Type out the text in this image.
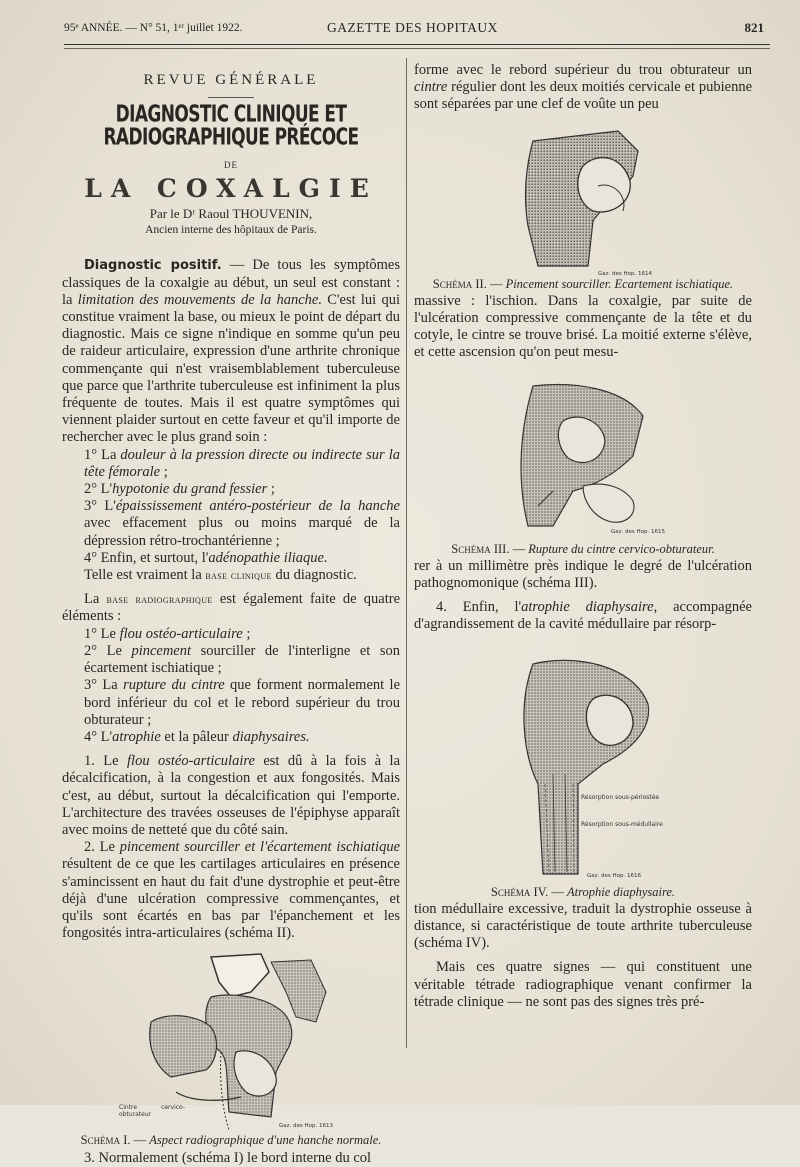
95ᵉ ANNÉE. — N° 51, 1ᵉʳ juillet 1922.	GAZETTE DES HOPITAUX	821
REVUE GÉNÉRALE
DIAGNOSTIC CLINIQUE ET RADIOGRAPHIQUE PRÉCOCE
DE
LA COXALGIE
Par le Dʳ Raoul THOUVENIN,
Ancien interne des hôpitaux de Paris.

Diagnostic positif. — De tous les symptômes classiques de la coxalgie au début, un seul est constant : la limitation des mouvements de la hanche. C'est lui qui constitue vraiment la base, ou mieux le point de départ du diagnostic. Mais ce signe n'indique en somme qu'un peu de raideur articulaire, expression d'une arthrite chronique commençante qui n'est vraisemblablement tuberculeuse que parce que l'arthrite tuberculeuse est infiniment la plus fréquente de toutes. Mais il est quatre symptômes qui viennent plaider surtout en cette faveur et qu'il importe de rechercher avec le plus grand soin :

1° La douleur à la pression directe ou indirecte sur la tête fémorale ;

2° L'hypotonie du grand fessier ;

3° L'épaississement antéro-postérieur de la hanche avec effacement plus ou moins marqué de la dépression rétro-trochantérienne ;

4° Enfin, et surtout, l'adénopathie iliaque.

Telle est vraiment la base clinique du diagnostic.

La base radiographique est également faite de quatre éléments :

1° Le flou ostéo-articulaire ;

2° Le pincement sourciller de l'interligne et son écartement ischiatique ;

3° La rupture du cintre que forment normalement le bord inférieur du col et le rebord supérieur du trou obturateur ;

4° L'atrophie et la pâleur diaphysaires.

1. Le flou ostéo-articulaire est dû à la fois à la décalcification, à la congestion et aux fongosités. Mais c'est, au début, surtout la décalcification qui l'emporte. L'architecture des travées osseuses de l'épiphyse apparaît avec moins de netteté que du côté sain.

2. Le pincement sourciller et l'écartement ischiatique résultent de ce que les cartilages articulaires en présence s'amincissent en haut du fait d'une dystrophie et peut-être déjà d'une ulcération compressive commençantes, et qu'ils sont écartés en bas par l'épanchement et les fongosités intra-articulaires (schéma II).

Cintre cervico-obturateur
Gaz. des Hop. 1613

Schéma I. — Aspect radiographique d'une hanche normale.

3. Normalement (schéma I) le bord interne du col

forme avec le rebord supérieur du trou obturateur un cintre régulier dont les deux moitiés cervicale et pubienne sont séparées par une clef de voûte un peu

Gaz. des Hop. 1614

Schéma II. — Pincement sourciller. Ecartement ischiatique.

massive : l'ischion. Dans la coxalgie, par suite de l'ulcération compressive commençante de la tête et du cotyle, le cintre se trouve brisé. La moitié externe s'élève, et cette ascension qu'on peut mesu-

Gaz. des Hop. 1615

Schéma III. — Rupture du cintre cervico-obturateur.

rer à un millimètre près indique le degré de l'ulcération pathognomonique (schéma III).

4. Enfin, l'atrophie diaphysaire, accompagnée d'agrandissement de la cavité médullaire par résorp-

Résorption sous-périostée
Résorption sous-médullaire
Gaz. des Hop. 1616

Schéma IV. — Atrophie diaphysaire.

tion médullaire excessive, traduit la dystrophie osseuse à distance, si caractéristique de toute arthrite tuberculeuse (schéma IV).

Mais ces quatre signes — qui constituent une véritable tétrade radiographique venant confirmer la tétrade clinique — ne sont pas des signes très pré-
